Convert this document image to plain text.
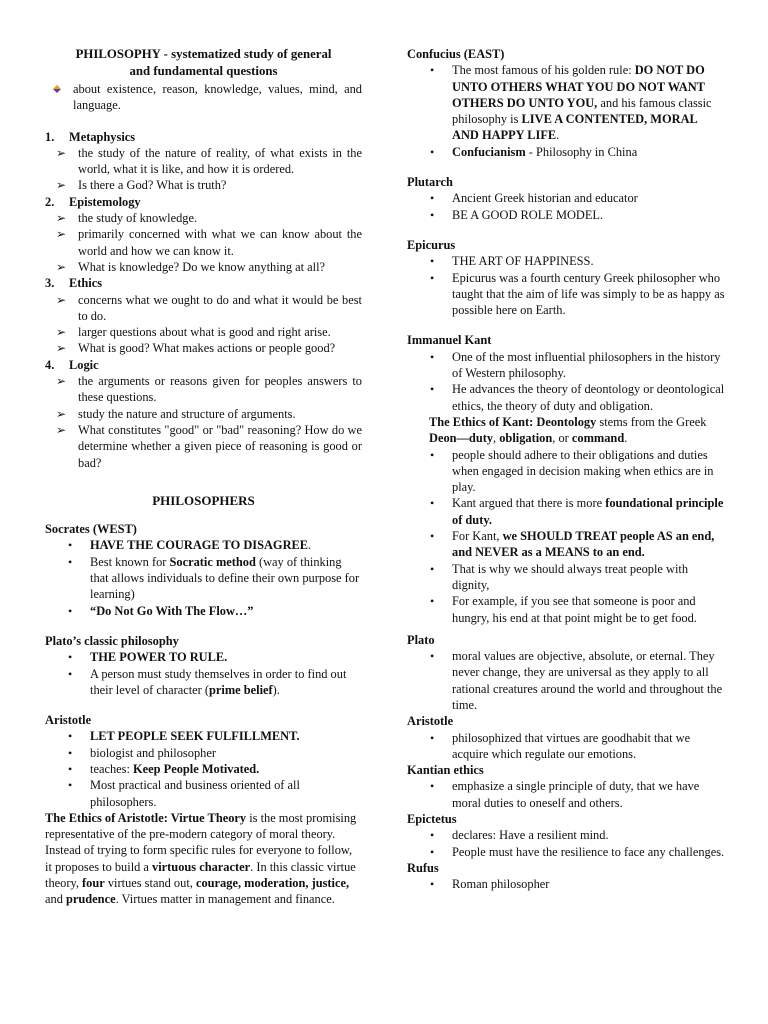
PHILOSOPHY - systematized study of general

and fundamental questions

about existence, reason, knowledge, values, mind, and language.
1. Metaphysics
➢ the study of the nature of reality, of what exists in the world, what it is like, and how it is ordered.
➢ Is there a God? What is truth?
2. Epistemology
➢ the study of knowledge.
➢ primarily concerned with what we can know about the world and how we can know it.
➢ What is knowledge? Do we know anything at all?
3. Ethics
➢ concerns what we ought to do and what it would be best to do.
➢ larger questions about what is good and right arise.
➢ What is good? What makes actions or people good?
4. Logic
➢ the arguments or reasons given for peoples answers to these questions.
➢ study the nature and structure of arguments.
➢ What constitutes "good" or "bad" reasoning? How do we determine whether a given piece of reasoning is good or bad?

PHILOSOPHERS

Socrates (WEST)

• HAVE THE COURAGE TO DISAGREE.
• Best known for Socratic method (way of thinking that allows individuals to define their own purpose for learning)
• “Do Not Go With The Flow…”

Plato’s classic philosophy

• THE POWER TO RULE.
• A person must study themselves in order to find out their level of character (prime belief).

Aristotle

• LET PEOPLE SEEK FULFILLMENT.
• biologist and philosopher
• teaches: Keep People Motivated.
• Most practical and business oriented of all philosophers.

The Ethics of Aristotle: Virtue Theory is the most promising representative of the pre-modern category of moral theory. Instead of trying to form specific rules for everyone to follow, it proposes to build a virtuous character. In this classic virtue theory, four virtues stand out, courage, moderation, justice, and prudence. Virtues matter in management and finance.

Confucius (EAST)

• The most famous of his golden rule: DO NOT DO UNTO OTHERS WHAT YOU DO NOT WANT OTHERS DO UNTO YOU, and his famous classic philosophy is LIVE A CONTENTED, MORAL AND HAPPY LIFE.
• Confucianism - Philosophy in China

Plutarch

• Ancient Greek historian and educator
• BE A GOOD ROLE MODEL.

Epicurus

• THE ART OF HAPPINESS.
• Epicurus was a fourth century Greek philosopher who taught that the aim of life was simply to be as happy as possible here on Earth.

Immanuel Kant

• One of the most influential philosophers in the history of Western philosophy.
• He advances the theory of deontology or deontological ethics, the theory of duty and obligation.

The Ethics of Kant: Deontology stems from the Greek Deon—duty, obligation, or command.

• people should adhere to their obligations and duties when engaged in decision making when ethics are in play.
• Kant argued that there is more foundational principle of duty.
• For Kant, we SHOULD TREAT people AS an end, and NEVER as a MEANS to an end.
• That is why we should always treat people with dignity,
• For example, if you see that someone is poor and hungry, his end at that point might be to get food.

Plato

• moral values are objective, absolute, or eternal. They never change, they are universal as they apply to all rational creatures around the world and throughout the time.

Aristotle

• philosophized that virtues are goodhabit that we acquire which regulate our emotions.

Kantian ethics

• emphasize a single principle of duty, that we have moral duties to oneself and others.

Epictetus

• declares: Have a resilient mind.
• People must have the resilience to face any challenges.

Rufus

• Roman philosopher
